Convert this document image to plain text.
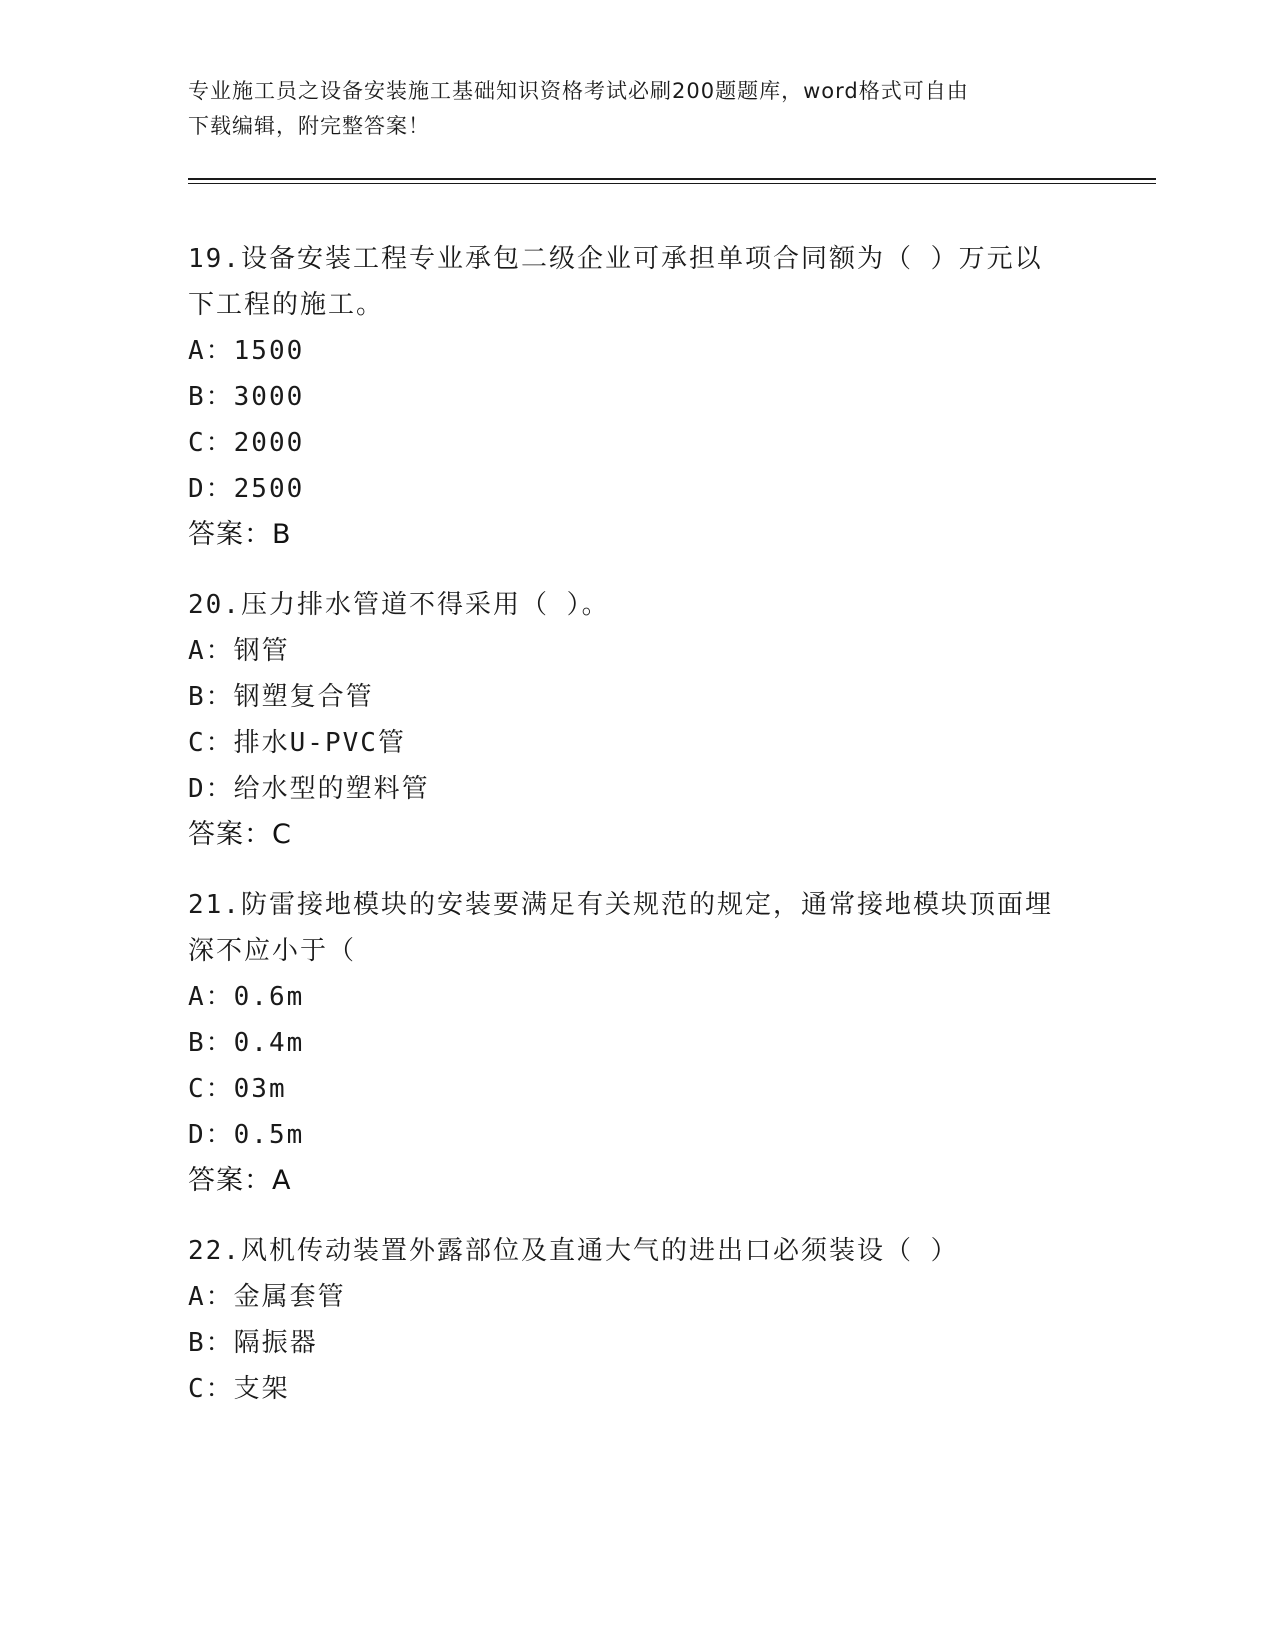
专业施工员之设备安装施工基础知识资格考试必刷200题题库，word格式可自由
下载编辑，附完整答案！

19.设备安装工程专业承包二级企业可承担单项合同额为（ ）万元以

下工程的施工。

A：1500

B：3000

C：2000

D：2500

答案：B

20.压力排水管道不得采用（ ）。

A：钢管

B：钢塑复合管

C：排水U-PVC管

D：给水型的塑料管

答案：C

21.防雷接地模块的安装要满足有关规范的规定，通常接地模块顶面埋

深不应小于（

A：0.6m

B：0.4m

C：03m

D：0.5m

答案：A

22.风机传动装置外露部位及直通大气的进出口必须装设（ ）

A：金属套管

B：隔振器

C：支架
